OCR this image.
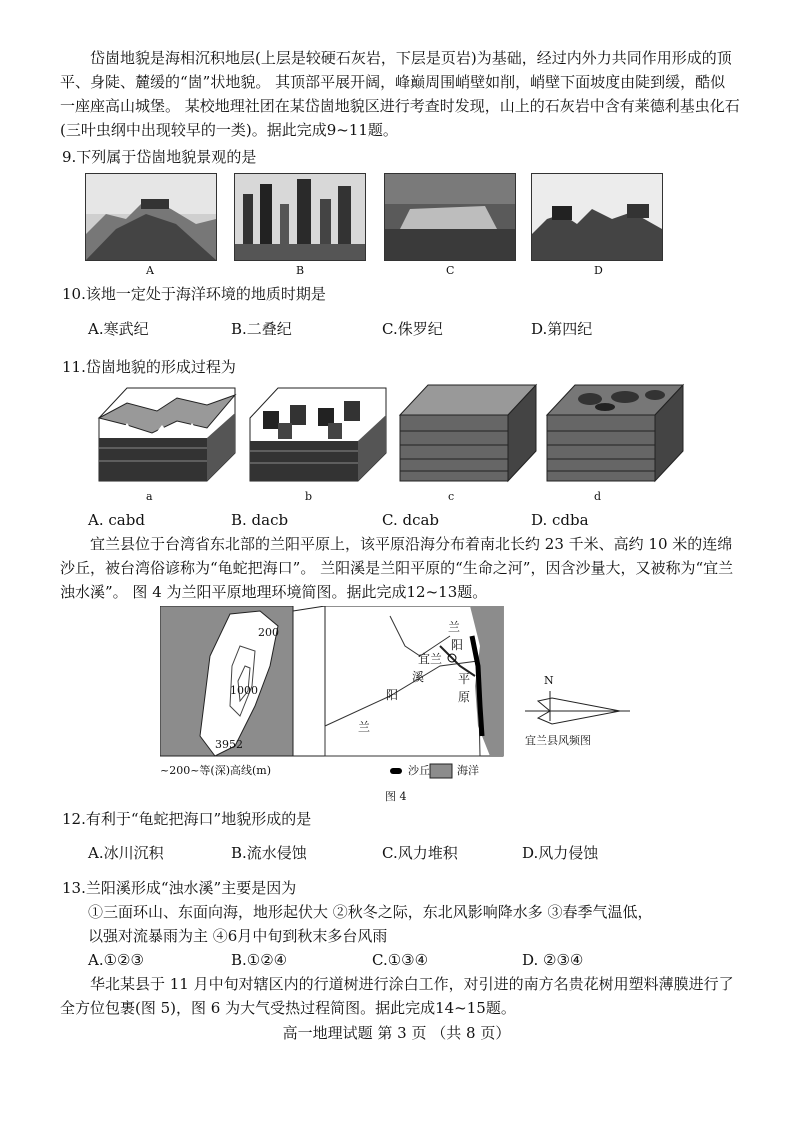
岱崮地貌是海相沉积地层(上层是较硬石灰岩，下层是页岩)为基础，经过内外力共同作用形成的顶平、身陡、麓缓的“崮”状地貌。 其顶部平展开阔，峰巅周围峭壁如削，峭壁下面坡度由陡到缓，酷似一座座高山城堡。 某校地理社团在某岱崮地貌区进行考查时发现，山上的石灰岩中含有莱德利基虫化石(三叶虫纲中出现较早的一类)。据此完成9~11题。
9.下列属于岱崮地貌景观的是
A	B	C	D
10.该地一定处于海洋环境的地质时期是
A.寒武纪	B.二叠纪	C.侏罗纪	D.第四纪
11.岱崮地貌的形成过程为
a	b	c	d
A. cabd	B. dacb	C. dcab	D. cdba
宜兰县位于台湾省东北部的兰阳平原上，该平原沿海分布着南北长约 23 千米、高约 10 米的连绵沙丘，被台湾俗谚称为“龟蛇把海口”。 兰阳溪是兰阳平原的“生命之河”，因含沙量大，又被称为“宜兰浊水溪”。 图 4 为兰阳平原地理环境简图。据此完成12~13题。
200
1000
3952
兰
阳
宜兰
溪	平
原
阳
兰
N
宜兰县风频图
~200~等(深)高线(m)	沙丘 海洋
图 4
12.有利于“龟蛇把海口”地貌形成的是
A.冰川沉积	B.流水侵蚀	C.风力堆积	D.风力侵蚀
13.兰阳溪形成“浊水溪”主要是因为
①三面环山、东面向海，地形起伏大 ②秋冬之际，东北风影响降水多 ③春季气温低，
以强对流暴雨为主 ④6月中旬到秋末多台风雨
A.①②③	B.①②④	C.①③④	D. ②③④
华北某县于 11 月中旬对辖区内的行道树进行涂白工作，对引进的南方名贵花树用塑料薄膜进行了全方位包裹(图 5)，图 6 为大气受热过程简图。据此完成14~15题。
高一地理试题 第 3 页 （共 8 页）
